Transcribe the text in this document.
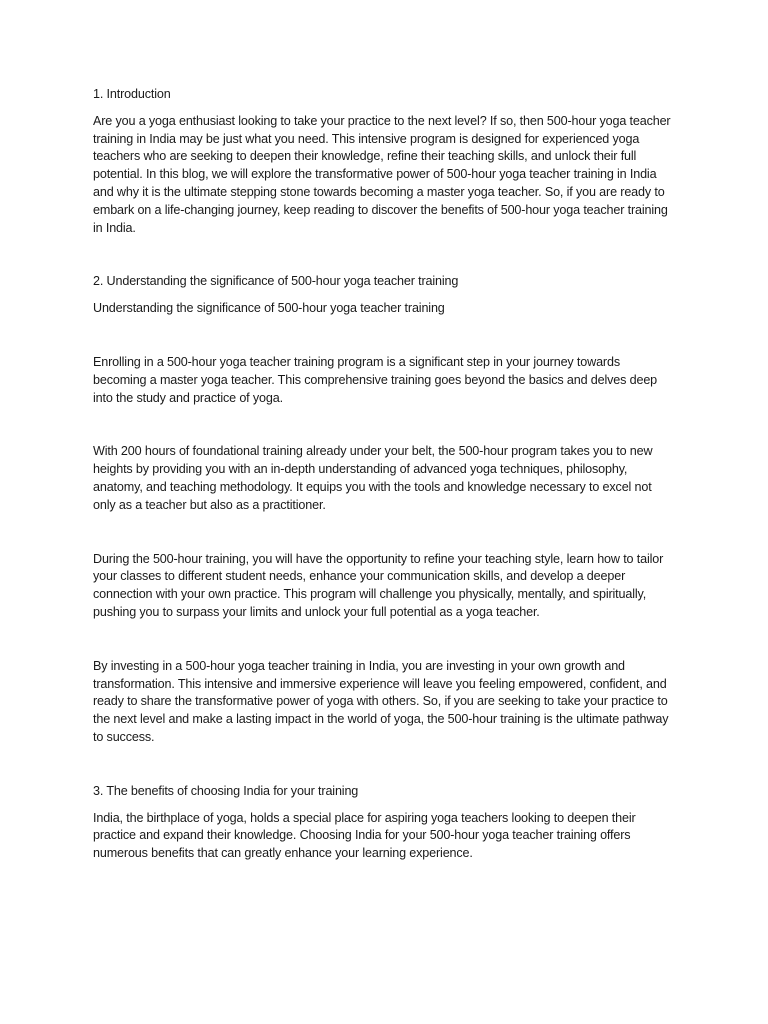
1. Introduction

Are you a yoga enthusiast looking to take your practice to the next level? If so, then 500-hour yoga teacher training in India may be just what you need. This intensive program is designed for experienced yoga teachers who are seeking to deepen their knowledge, refine their teaching skills, and unlock their full potential. In this blog, we will explore the transformative power of 500-hour yoga teacher training in India and why it is the ultimate stepping stone towards becoming a master yoga teacher. So, if you are ready to embark on a life-changing journey, keep reading to discover the benefits of 500-hour yoga teacher training in India.

2. Understanding the significance of 500-hour yoga teacher training

Understanding the significance of 500-hour yoga teacher training

Enrolling in a 500-hour yoga teacher training program is a significant step in your journey towards becoming a master yoga teacher. This comprehensive training goes beyond the basics and delves deep into the study and practice of yoga.

With 200 hours of foundational training already under your belt, the 500-hour program takes you to new heights by providing you with an in-depth understanding of advanced yoga techniques, philosophy, anatomy, and teaching methodology. It equips you with the tools and knowledge necessary to excel not only as a teacher but also as a practitioner.

During the 500-hour training, you will have the opportunity to refine your teaching style, learn how to tailor your classes to different student needs, enhance your communication skills, and develop a deeper connection with your own practice. This program will challenge you physically, mentally, and spiritually, pushing you to surpass your limits and unlock your full potential as a yoga teacher.

By investing in a 500-hour yoga teacher training in India, you are investing in your own growth and transformation. This intensive and immersive experience will leave you feeling empowered, confident, and ready to share the transformative power of yoga with others. So, if you are seeking to take your practice to the next level and make a lasting impact in the world of yoga, the 500-hour training is the ultimate pathway to success.

3. The benefits of choosing India for your training

India, the birthplace of yoga, holds a special place for aspiring yoga teachers looking to deepen their practice and expand their knowledge. Choosing India for your 500-hour yoga teacher training offers numerous benefits that can greatly enhance your learning experience.
